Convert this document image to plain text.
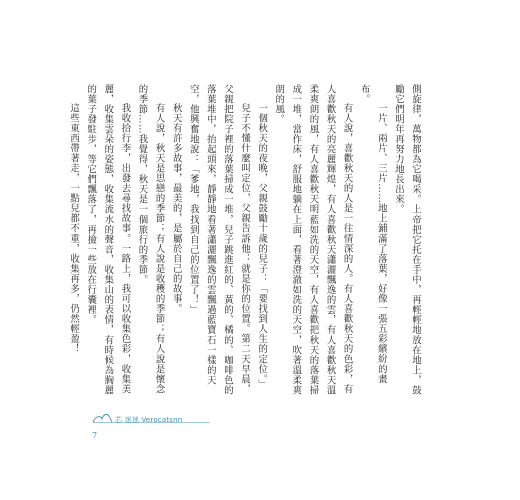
側旋律，萬物都為它喝采。上帝把它托在手中，再輕輕地放在地上，鼓勵它們明年再努力地長出來。

一片、兩片、三片……地上鋪滿了落葉，好像一張五彩繽紛的畫布。

有人說，喜歡秋天的人是一往情深的人。有人喜歡秋天的色彩，有人喜歡秋天的亮麗輝煌，有人喜歡秋天瀟灑飄逸的雲，有人喜歡秋天溫柔爽朗的風，有人喜歡秋天明藍如洗的天空，有人喜歡把秋天的落葉掃成一堆，當作床，舒服地躺在上面，看著澄澈如洗的天空，吹著溫柔爽朗的風。

一個秋天的夜晚，父親鼓勵十歲的兒子：「要找到人生的定位。」

兒子不懂什麼叫定位，父親告訴他：就是你的位置。第二天早晨，父親把院子裡的落葉掃成一堆，兒子跳進紅的、黃的、橘的、咖啡色的落葉堆中，抬起頭來，靜靜地看著瀟灑飄逸的雲飄過藍寶石一樣的天空，他興奮地說：「爹地，我找到自己的位置了！」

秋天有許多故事，最美的，是屬於自己的故事。

有人說，秋天是思戀的季節；有人說是收穫的季節；有人說是懷念的季節……我覺得，秋天是一個旅行的季節。

我收拾行李，出發去尋找故事。一路上，我可以收集色彩，收集美麗，收集雲朵的姿態，收集流水的聲音，收集山的表情，有時候為胸麗的葉子發駐步，等它們飄落了，再撿一些放在行囊裡。

這些東西帶著走，一點兒都不重，收集再多，仍然輕盈！

芯 迷迷 Verocatsnn
7
